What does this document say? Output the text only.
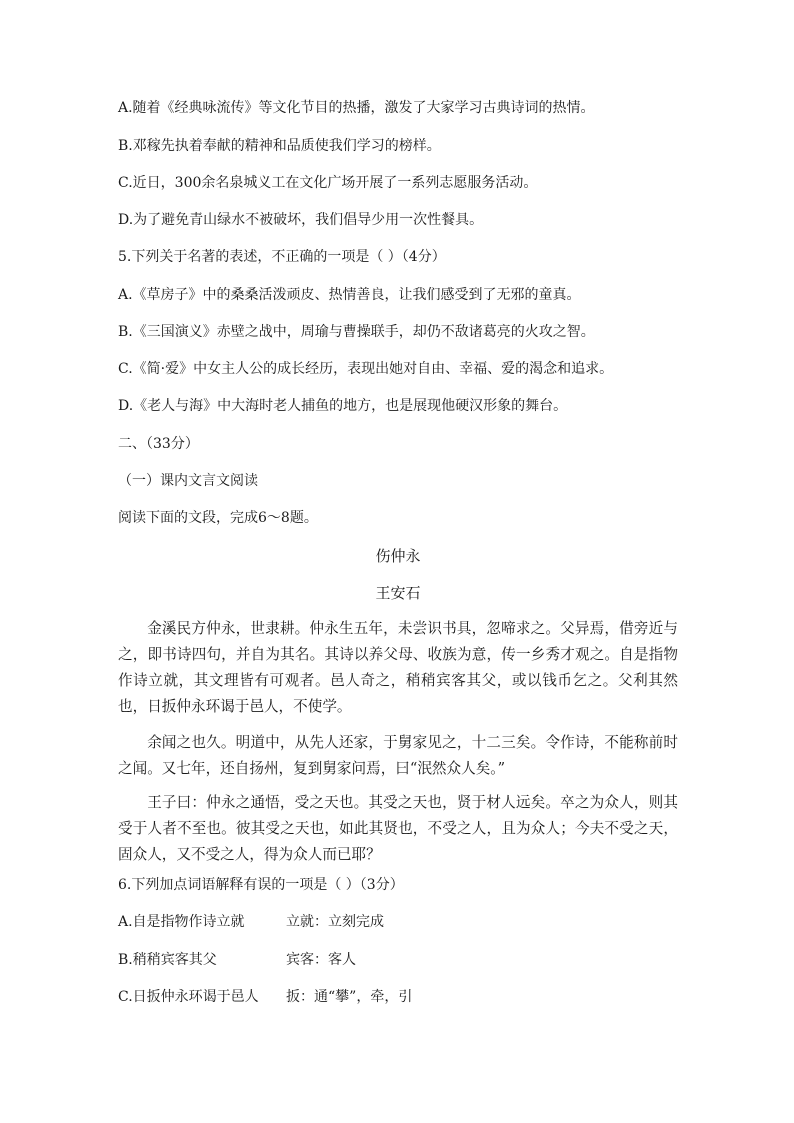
A.随着《经典咏流传》等文化节目的热播，激发了大家学习古典诗词的热情。
B.邓稼先执着奉献的精神和品质使我们学习的榜样。
C.近日，300余名泉城义工在文化广场开展了一系列志愿服务活动。
D.为了避免青山绿水不被破坏，我们倡导少用一次性餐具。
5.下列关于名著的表述，不正确的一项是（ ）（4分）
A.《草房子》中的桑桑活泼顽皮、热情善良，让我们感受到了无邪的童真。
B.《三国演义》赤壁之战中，周瑜与曹操联手，却仍不敌诸葛亮的火攻之智。
C.《简·爱》中女主人公的成长经历，表现出她对自由、幸福、爱的渴念和追求。
D.《老人与海》中大海时老人捕鱼的地方，也是展现他硬汉形象的舞台。
二、（33分）
（一）课内文言文阅读
阅读下面的文段，完成6～8题。
伤仲永
王安石

金溪民方仲永，世隶耕。仲永生五年，未尝识书具，忽啼求之。父异焉，借旁近与之，即书诗四句，并自为其名。其诗以养父母、收族为意，传一乡秀才观之。自是指物作诗立就，其文理皆有可观者。邑人奇之，稍稍宾客其父，或以钱币乞之。父利其然也，日扳仲永环谒于邑人，不使学。

余闻之也久。明道中，从先人还家，于舅家见之，十二三矣。令作诗，不能称前时之闻。又七年，还自扬州，复到舅家问焉，曰“泯然众人矣。”

王子曰：仲永之通悟，受之天也。其受之天也，贤于材人远矣。卒之为众人，则其受于人者不至也。彼其受之天也，如此其贤也，不受之人，且为众人；今夫不受之天，固众人，又不受之人，得为众人而已耶？

6.下列加点词语解释有误的一项是（ ）（3分）
A.自是指物作诗立就	立就：立刻完成
B.稍稍宾客其父	宾客：客人
C.日扳仲永环谒于邑人 扳：通“攀”，牵，引
